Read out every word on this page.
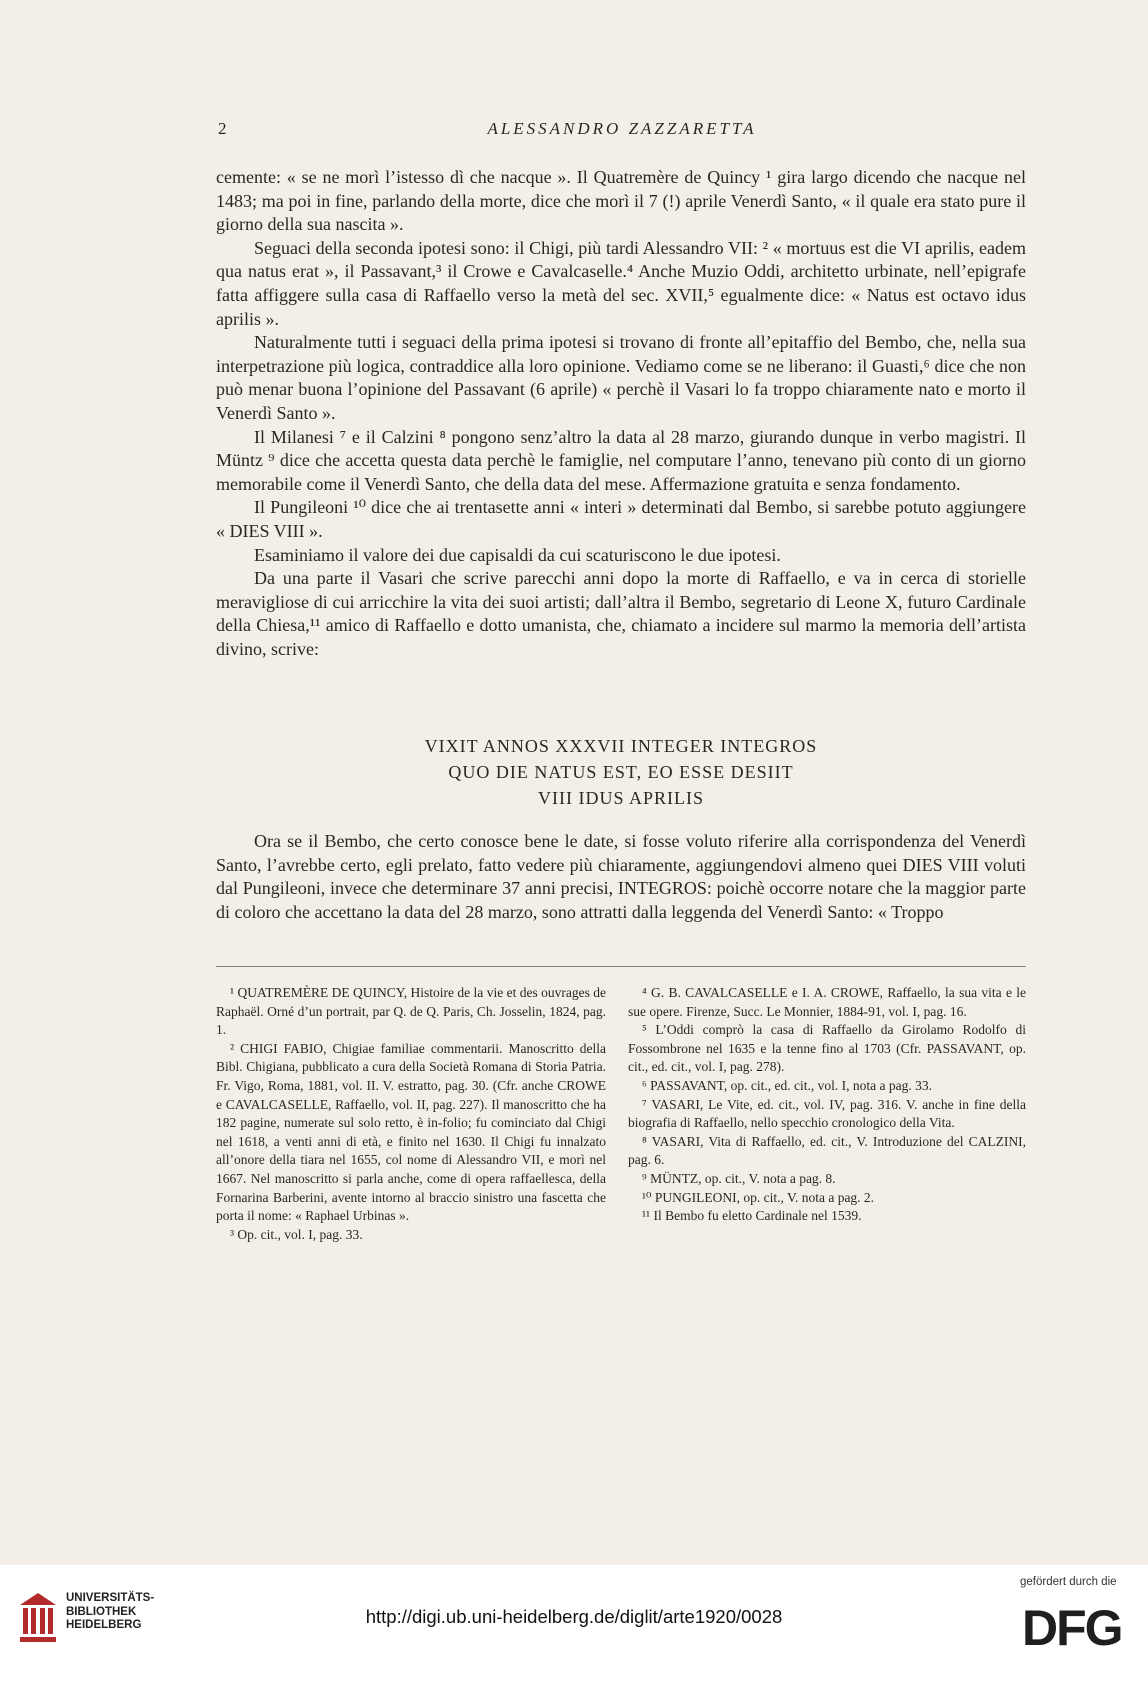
2	ALESSANDRO ZAZZARETTA

cemente: « se ne morì l’istesso dì che nacque ». Il Quatremère de Quincy ¹ gira largo dicendo che nacque nel 1483; ma poi in fine, parlando della morte, dice che morì il 7 (!) aprile Venerdì Santo, « il quale era stato pure il giorno della sua nascita ».

Seguaci della seconda ipotesi sono: il Chigi, più tardi Alessandro VII: ² « mortuus est die VI aprilis, eadem qua natus erat », il Passavant,³ il Crowe e Cavalcaselle.⁴ Anche Muzio Oddi, architetto urbinate, nell’epigrafe fatta affiggere sulla casa di Raffaello verso la metà del sec. XVII,⁵ egualmente dice: « Natus est octavo idus aprilis ».

Naturalmente tutti i seguaci della prima ipotesi si trovano di fronte all’epitaffio del Bembo, che, nella sua interpetrazione più logica, contraddice alla loro opinione. Vediamo come se ne liberano: il Guasti,⁶ dice che non può menar buona l’opinione del Passavant (6 aprile) « perchè il Vasari lo fa troppo chiaramente nato e morto il Venerdì Santo ».

Il Milanesi ⁷ e il Calzini ⁸ pongono senz’altro la data al 28 marzo, giurando dunque in verbo magistri. Il Müntz ⁹ dice che accetta questa data perchè le famiglie, nel computare l’anno, tenevano più conto di un giorno memorabile come il Venerdì Santo, che della data del mese. Affermazione gratuita e senza fondamento.

Il Pungileoni ¹⁰ dice che ai trentasette anni « interi » determinati dal Bembo, si sarebbe potuto aggiungere « DIES VIII ».

Esaminiamo il valore dei due capisaldi da cui scaturiscono le due ipotesi.

Da una parte il Vasari che scrive parecchi anni dopo la morte di Raffaello, e va in cerca di storielle meravigliose di cui arricchire la vita dei suoi artisti; dall’altra il Bembo, segretario di Leone X, futuro Cardinale della Chiesa,¹¹ amico di Raffaello e dotto umanista, che, chiamato a incidere sul marmo la memoria dell’artista divino, scrive:

VIXIT ANNOS XXXVII INTEGER INTEGROS
QUO DIE NATUS EST, EO ESSE DESIIT
VIII IDUS APRILIS

Ora se il Bembo, che certo conosce bene le date, si fosse voluto riferire alla corrispondenza del Venerdì Santo, l’avrebbe certo, egli prelato, fatto vedere più chiaramente, aggiungendovi almeno quei DIES VIII voluti dal Pungileoni, invece che determinare 37 anni precisi, INTEGROS: poichè occorre notare che la maggior parte di coloro che accettano la data del 28 marzo, sono attratti dalla leggenda del Venerdì Santo: « Troppo

¹ QUATREMÈRE DE QUINCY, Histoire de la vie et des ouvrages de Raphaël. Orné d’un portrait, par Q. de Q. Paris, Ch. Josselin, 1824, pag. 1.

² CHIGI FABIO, Chigiae familiae commentarii. Manoscritto della Bibl. Chigiana, pubblicato a cura della Società Romana di Storia Patria. Fr. Vigo, Roma, 1881, vol. II. V. estratto, pag. 30. (Cfr. anche CROWE e CAVALCASELLE, Raffaello, vol. II, pag. 227). Il manoscritto che ha 182 pagine, numerate sul solo retto, è in-folio; fu cominciato dal Chigi nel 1618, a venti anni di età, e finito nel 1630. Il Chigi fu innalzato all’onore della tiara nel 1655, col nome di Alessandro VII, e morì nel 1667. Nel manoscritto si parla anche, come di opera raffaellesca, della Fornarina Barberini, avente intorno al braccio sinistro una fascetta che porta il nome: « Raphael Urbinas ».

³ Op. cit., vol. I, pag. 33.

⁴ G. B. CAVALCASELLE e I. A. CROWE, Raffaello, la sua vita e le sue opere. Firenze, Succ. Le Monnier, 1884-91, vol. I, pag. 16.

⁵ L’Oddi comprò la casa di Raffaello da Girolamo Rodolfo di Fossombrone nel 1635 e la tenne fino al 1703 (Cfr. PASSAVANT, op. cit., ed. cit., vol. I, pag. 278).

⁶ PASSAVANT, op. cit., ed. cit., vol. I, nota a pag. 33.

⁷ VASARI, Le Vite, ed. cit., vol. IV, pag. 316. V. anche in fine della biografia di Raffaello, nello specchio cronologico della Vita.

⁸ VASARI, Vita di Raffaello, ed. cit., V. Introduzione del CALZINI, pag. 6.

⁹ MÜNTZ, op. cit., V. nota a pag. 8.

¹⁰ PUNGILEONI, op. cit., V. nota a pag. 2.

¹¹ Il Bembo fu eletto Cardinale nel 1539.

UNIVERSITÄTS-
BIBLIOTHEK
HEIDELBERG	http://digi.ub.uni-heidelberg.de/diglit/arte1920/0028
gefördert durch die
DFG
